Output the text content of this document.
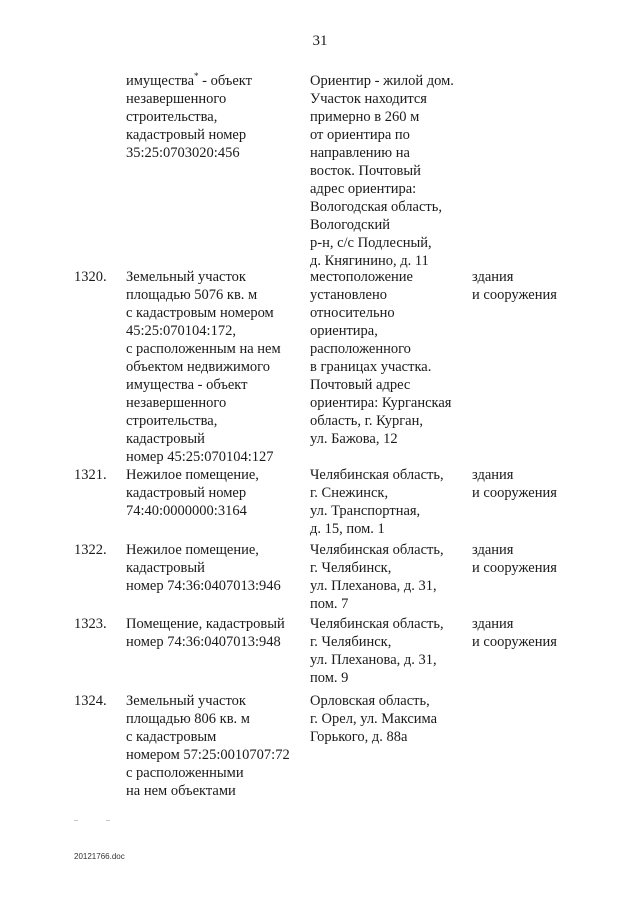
31
имущества* - объект
незавершенного
строительства,
кадастровый номер
35:25:0703020:456
Ориентир - жилой дом.
Участок находится
примерно в 260 м
от ориентира по
направлению на
восток. Почтовый
адрес ориентира:
Вологодская область,
Вологодский
р-н, с/с Подлесный,
д. Княгинино, д. 11
1320. Земельный участок
площадью 5076 кв. м
с кадастровым номером
45:25:070104:172,
с расположенным на нем
объектом недвижимого
имущества - объект
незавершенного
строительства,
кадастровый
номер 45:25:070104:127
местоположение
установлено
относительно
ориентира,
расположенного
в границах участка.
Почтовый адрес
ориентира: Курганская
область, г. Курган,
ул. Бажова, 12
здания
и сооружения
1321. Нежилое помещение,
кадастровый номер
74:40:0000000:3164
Челябинская область,
г. Снежинск,
ул. Транспортная,
д. 15, пом. 1
здания
и сооружения
1322. Нежилое помещение,
кадастровый
номер 74:36:0407013:946
Челябинская область,
г. Челябинск,
ул. Плеханова, д. 31,
пом. 7
здания
и сооружения
1323. Помещение, кадастровый
номер 74:36:0407013:948
Челябинская область,
г. Челябинск,
ул. Плеханова, д. 31,
пом. 9
здания
и сооружения
1324. Земельный участок
площадью 806 кв. м
с кадастровым
номером 57:25:0010707:72
с расположенными
на нем объектами
Орловская область,
г. Орел, ул. Максима
Горького, д. 88а
20121766.doc
